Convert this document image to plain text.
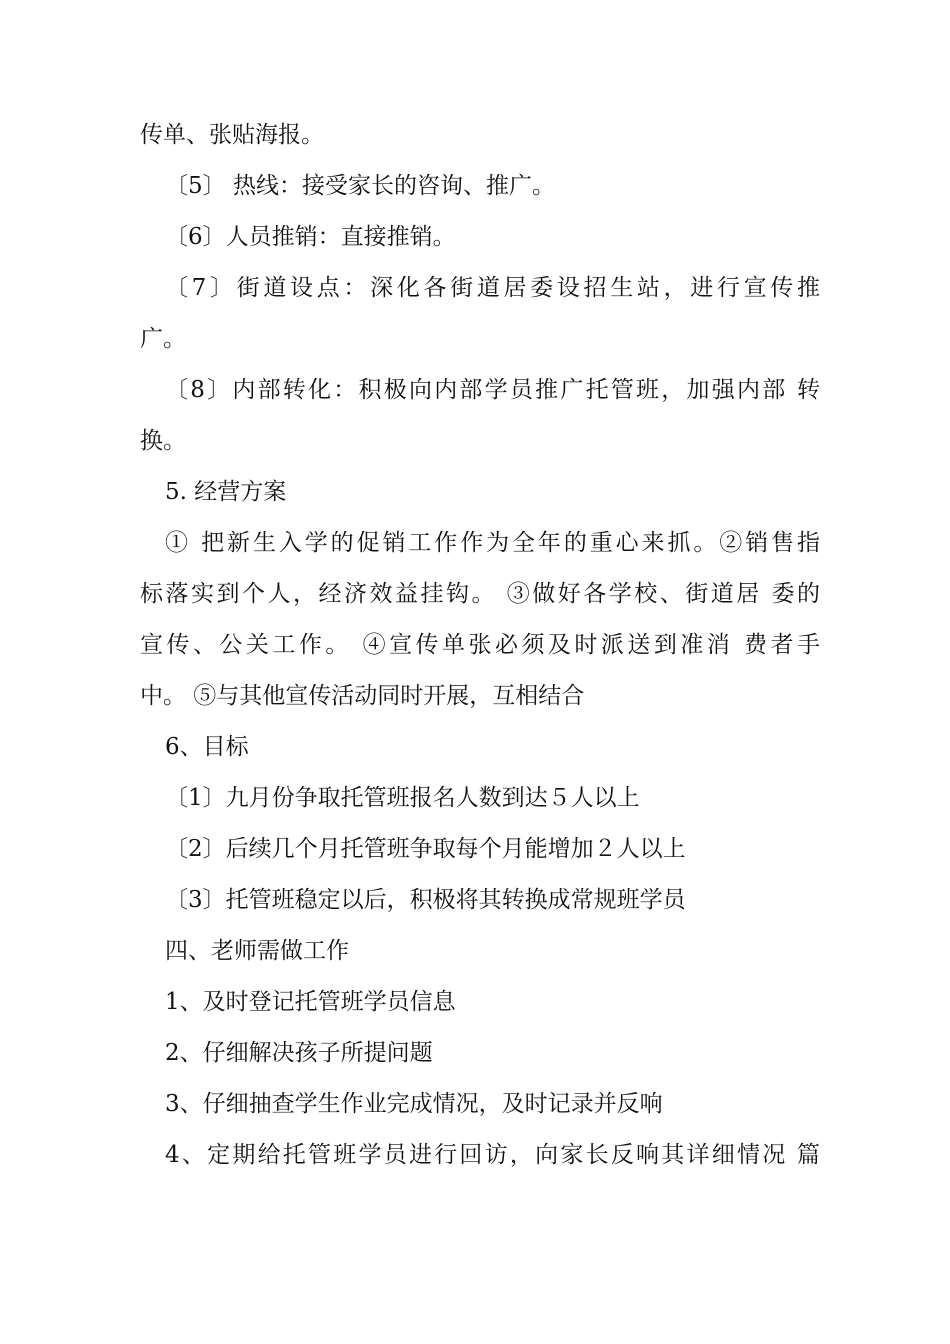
传单、张贴海报。

〔5〕 热线：接受家长的咨询、推广。

〔6〕人员推销：直接推销。

〔7〕街道设点：深化各街道居委设招生站，进行宣传推

广。

〔8〕内部转化：积极向内部学员推广托管班，加强内部 转

换。

5. 经营方案

① 把新生入学的促销工作作为全年的重心来抓。②销售指

标落实到个人，经济效益挂钩。 ③做好各学校、街道居 委的

宣传、公关工作。 ④宣传单张必须及时派送到准消 费者手

中。 ⑤与其他宣传活动同时开展，互相结合

6、目标

〔1〕九月份争取托管班报名人数到达５人以上

〔2〕后续几个月托管班争取每个月能增加２人以上

〔3〕托管班稳定以后，积极将其转换成常规班学员

四、老师需做工作

1、及时登记托管班学员信息

2、仔细解决孩子所提问题

3、仔细抽查学生作业完成情况，及时记录并反响

4、定期给托管班学员进行回访，向家长反响其详细情况 篇
